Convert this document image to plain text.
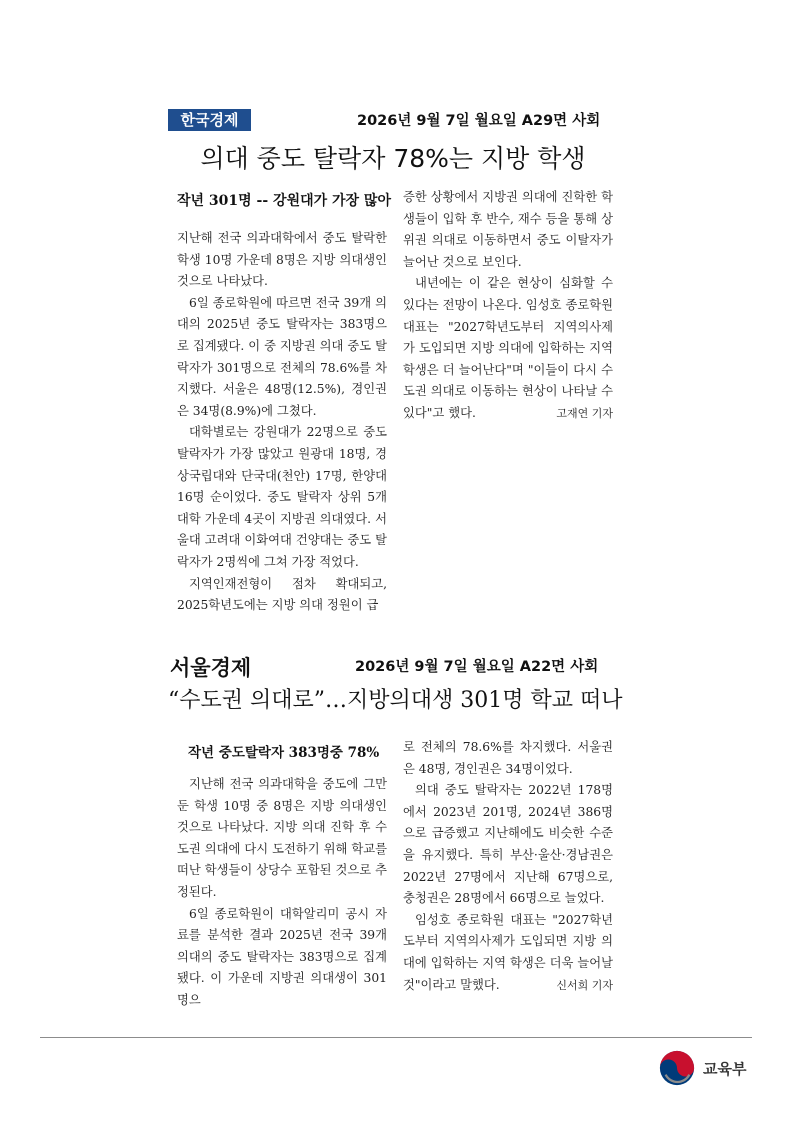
한국경제	2026년 9월 7일 월요일 A29면 사회
의대 중도 탈락자 78%는 지방 학생
작년 301명 -- 강원대가 가장 많아

지난해 전국 의과대학에서 중도 탈락한 학생 10명 가운데 8명은 지방 의대생인 것으로 나타났다.

6일 종로학원에 따르면 전국 39개 의대의 2025년 중도 탈락자는 383명으로 집계됐다. 이 중 지방권 의대 중도 탈락자가 301명으로 전체의 78.6%를 차지했다. 서울은 48명(12.5%), 경인권은 34명(8.9%)에 그쳤다.

대학별로는 강원대가 22명으로 중도 탈락자가 가장 많았고 원광대 18명, 경상국립대와 단국대(천안) 17명, 한양대 16명 순이었다. 중도 탈락자 상위 5개 대학 가운데 4곳이 지방권 의대였다. 서울대 고려대 이화여대 건양대는 중도 탈락자가 2명씩에 그쳐 가장 적었다.

지역인재전형이 점차 확대되고, 2025학년도에는 지방 의대 정원이 급

증한 상황에서 지방권 의대에 진학한 학생들이 입학 후 반수, 재수 등을 통해 상위권 의대로 이동하면서 중도 이탈자가 늘어난 것으로 보인다.

내년에는 이 같은 현상이 심화할 수 있다는 전망이 나온다. 임성호 종로학원 대표는 "2027학년도부터 지역의사제가 도입되면 지방 의대에 입학하는 지역 학생은 더 늘어난다"며 "이들이 다시 수도권 의대로 이동하는 현상이 나타날 수 있다"고 했다.	고재연 기자

서울경제	2026년 9월 7일 월요일 A22면 사회
“수도권 의대로”…지방의대생 301명 학교 떠나
작년 중도탈락자 383명중 78%

지난해 전국 의과대학을 중도에 그만둔 학생 10명 중 8명은 지방 의대생인 것으로 나타났다. 지방 의대 진학 후 수도권 의대에 다시 도전하기 위해 학교를 떠난 학생들이 상당수 포함된 것으로 추정된다.

6일 종로학원이 대학알리미 공시 자료를 분석한 결과 2025년 전국 39개 의대의 중도 탈락자는 383명으로 집계됐다. 이 가운데 지방권 의대생이 301명으

로 전체의 78.6%를 차지했다. 서울권은 48명, 경인권은 34명이었다.

의대 중도 탈락자는 2022년 178명에서 2023년 201명, 2024년 386명으로 급증했고 지난해에도 비슷한 수준을 유지했다. 특히 부산·울산·경남권은 2022년 27명에서 지난해 67명으로, 충청권은 28명에서 66명으로 늘었다.

임성호 종로학원 대표는 "2027학년도부터 지역의사제가 도입되면 지방 의대에 입학하는 지역 학생은 더욱 늘어날 것"이라고 말했다.	신서희 기자

교육부
